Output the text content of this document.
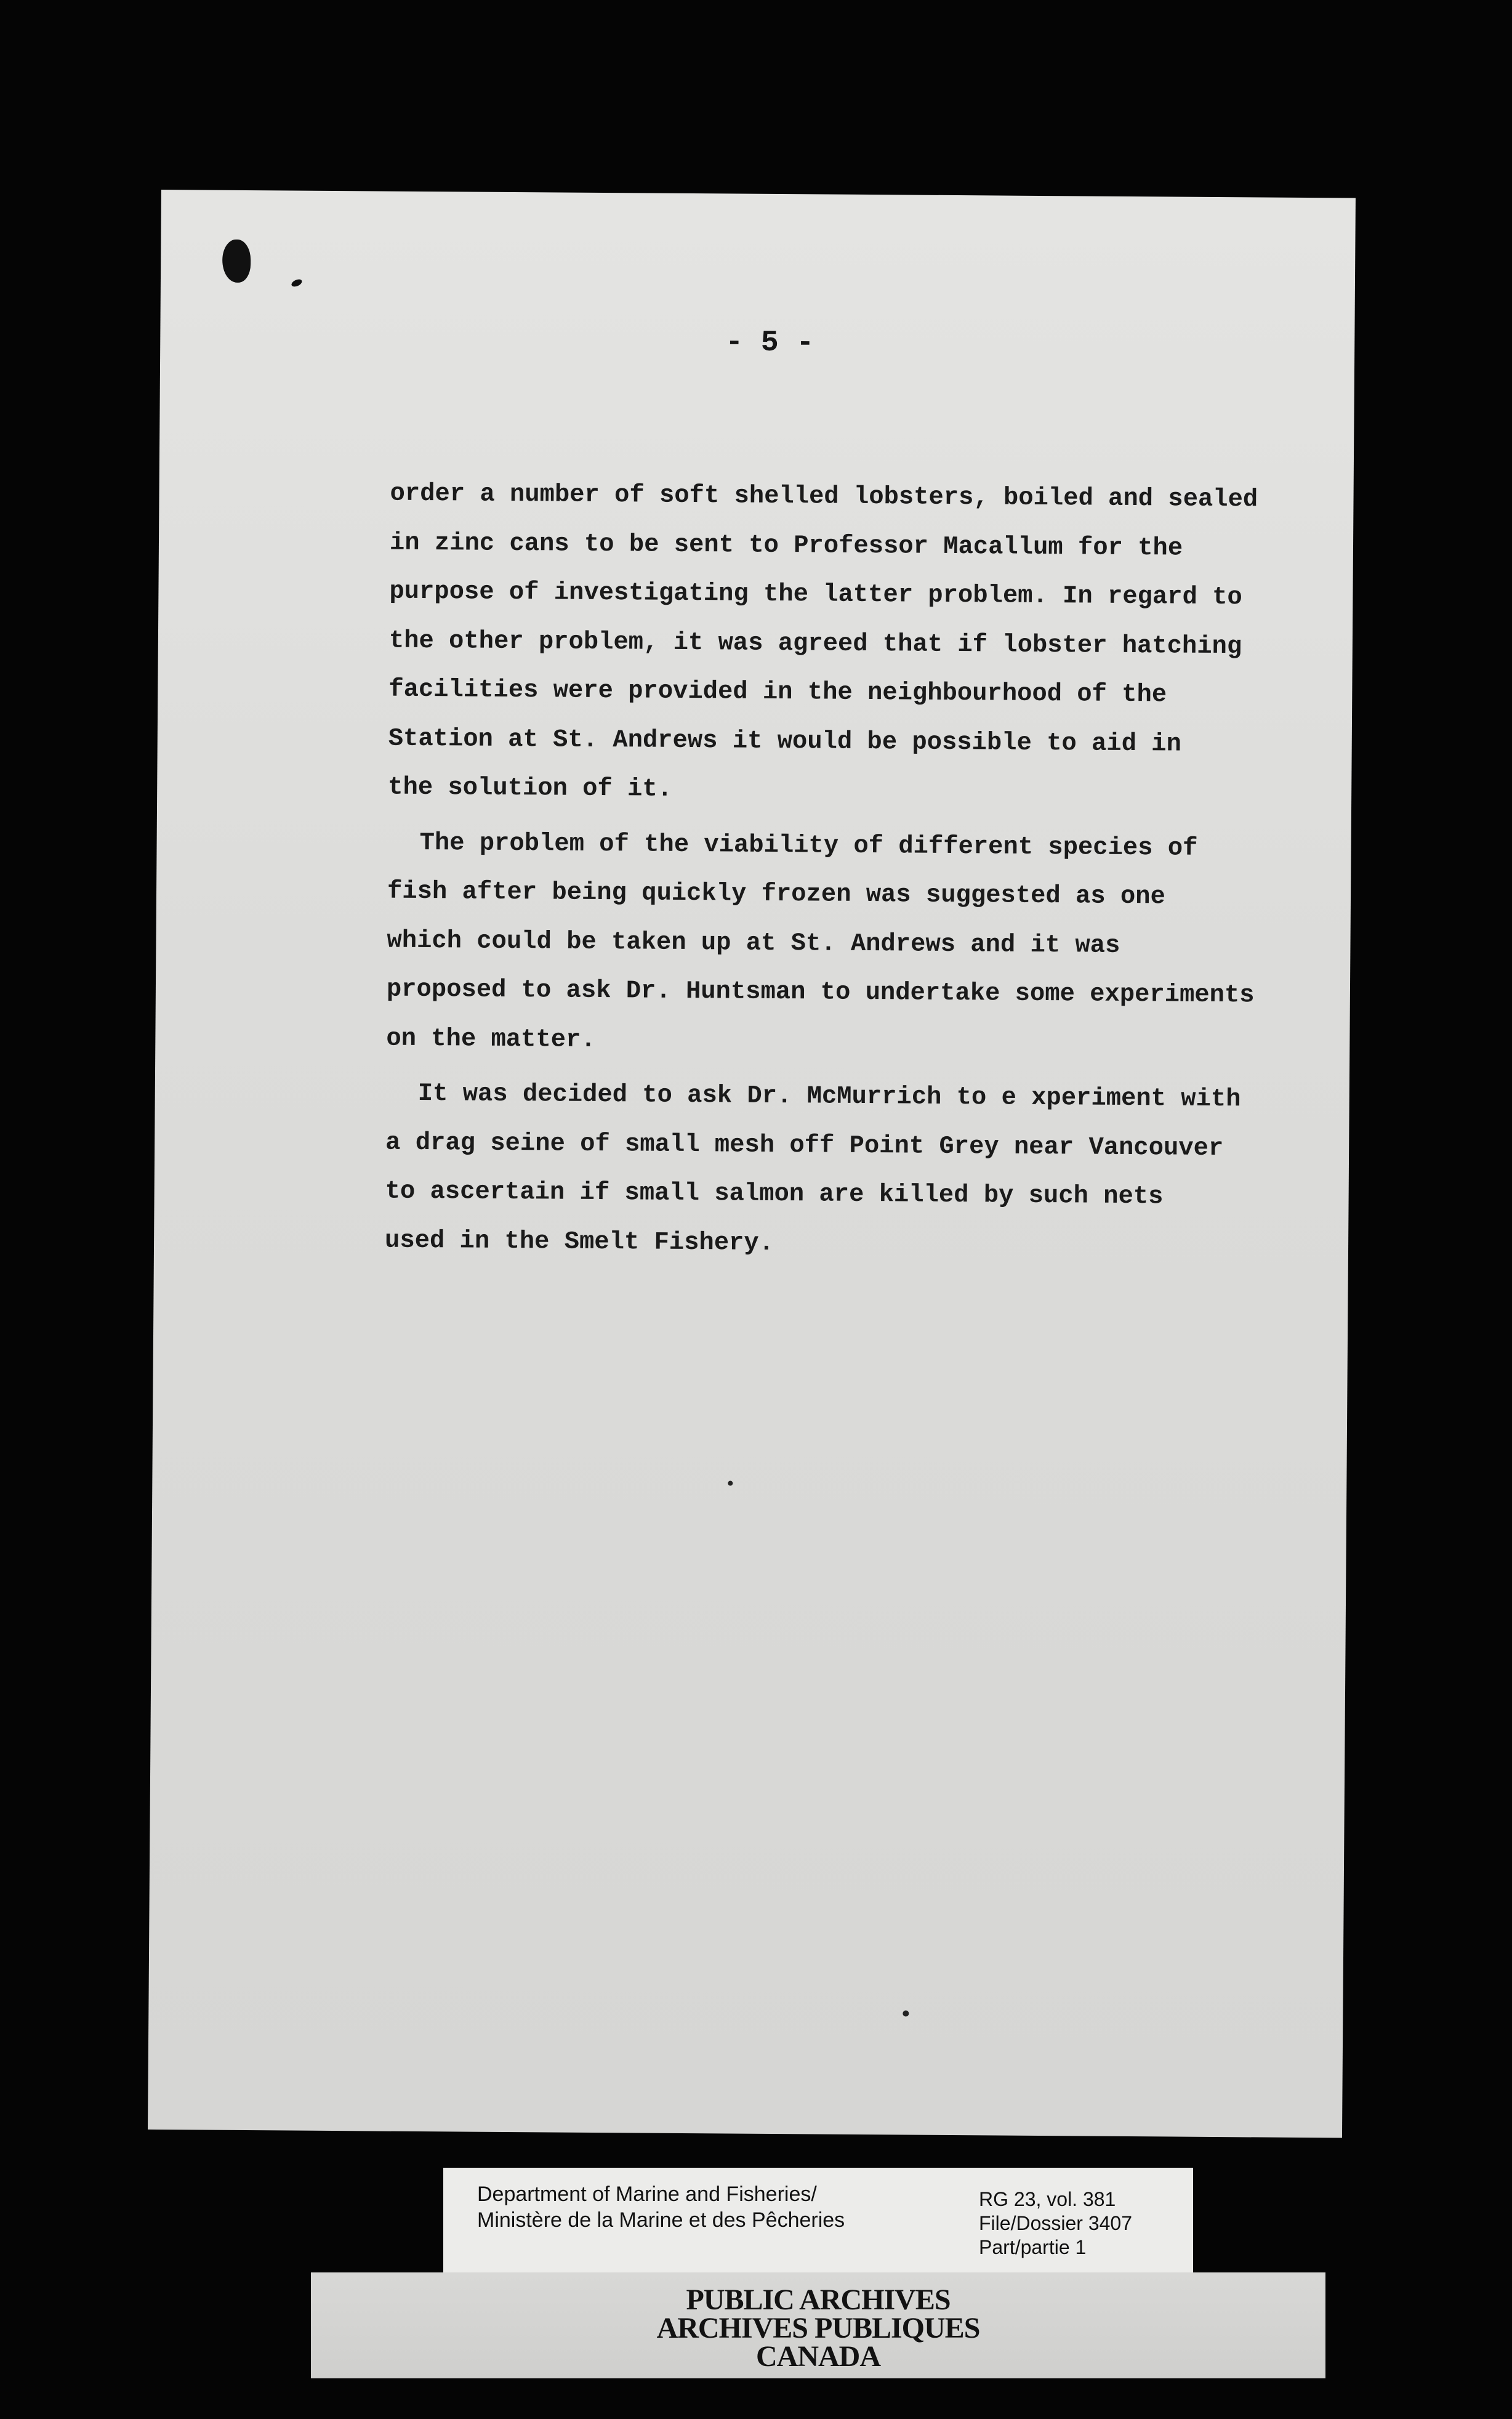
- 5 -

order a number of soft shelled lobsters, boiled and sealed
in zinc cans to be sent to Professor Macallum for the
purpose of investigating the latter problem. In regard to
the other problem, it was agreed that if lobster hatching
facilities were provided in the neighbourhood of the
Station at St. Andrews it would be possible to aid in
the solution of it.

The problem of the viability of different species of
fish after being quickly frozen was suggested as one
which could be taken up at St. Andrews and it was
proposed to ask Dr. Huntsman to undertake some experiments
on the matter.

It was decided to ask Dr. McMurrich to e xperiment with
a drag seine of small mesh off Point Grey near Vancouver
to ascertain if small salmon are killed by such nets
used in the Smelt Fishery.

Department of Marine and Fisheries/
Ministère de la Marine et des Pêcheries
RG 23, vol. 381
File/Dossier 3407
Part/partie 1
PUBLIC ARCHIVES
ARCHIVES PUBLIQUES
CANADA
